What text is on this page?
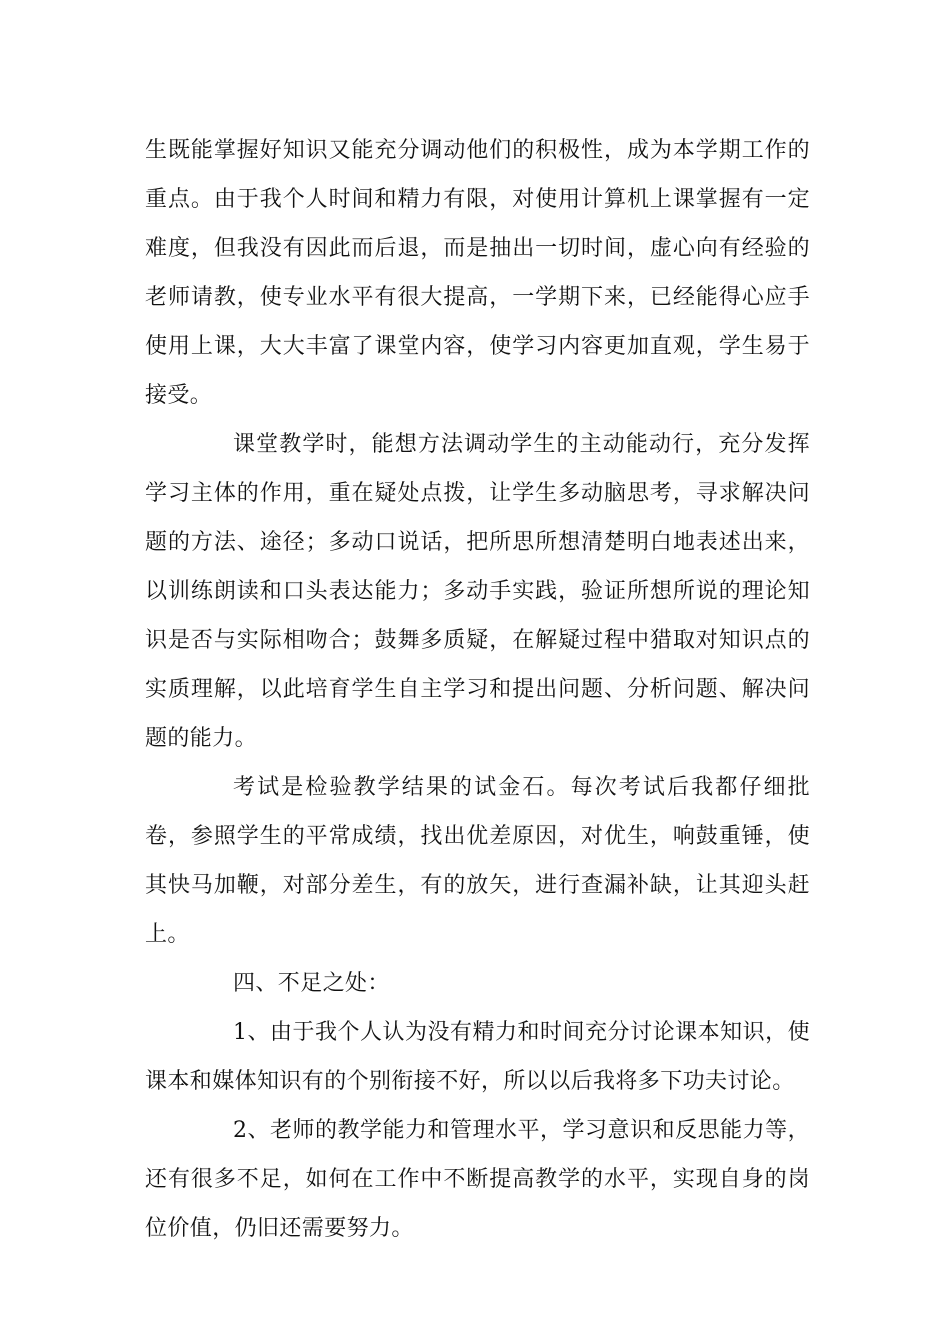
生既能掌握好知识又能充分调动他们的积极性，成为本学期工作的重点。由于我个人时间和精力有限，对使用计算机上课掌握有一定难度，但我没有因此而后退，而是抽出一切时间，虚心向有经验的老师请教，使专业水平有很大提高，一学期下来，已经能得心应手使用上课，大大丰富了课堂内容，使学习内容更加直观，学生易于接受。

课堂教学时，能想方法调动学生的主动能动行，充分发挥学习主体的作用，重在疑处点拨，让学生多动脑思考，寻求解决问题的方法、途径；多动口说话，把所思所想清楚明白地表述出来，以训练朗读和口头表达能力；多动手实践，验证所想所说的理论知识是否与实际相吻合；鼓舞多质疑，在解疑过程中猎取对知识点的实质理解，以此培育学生自主学习和提出问题、分析问题、解决问题的能力。

考试是检验教学结果的试金石。每次考试后我都仔细批卷，参照学生的平常成绩，找出优差原因，对优生，响鼓重锤，使其快马加鞭，对部分差生，有的放矢，进行查漏补缺，让其迎头赶上。

四、不足之处：

1、由于我个人认为没有精力和时间充分讨论课本知识，使课本和媒体知识有的个别衔接不好，所以以后我将多下功夫讨论。

2、老师的教学能力和管理水平，学习意识和反思能力等，还有很多不足，如何在工作中不断提高教学的水平，实现自身的岗位价值，仍旧还需要努力。
